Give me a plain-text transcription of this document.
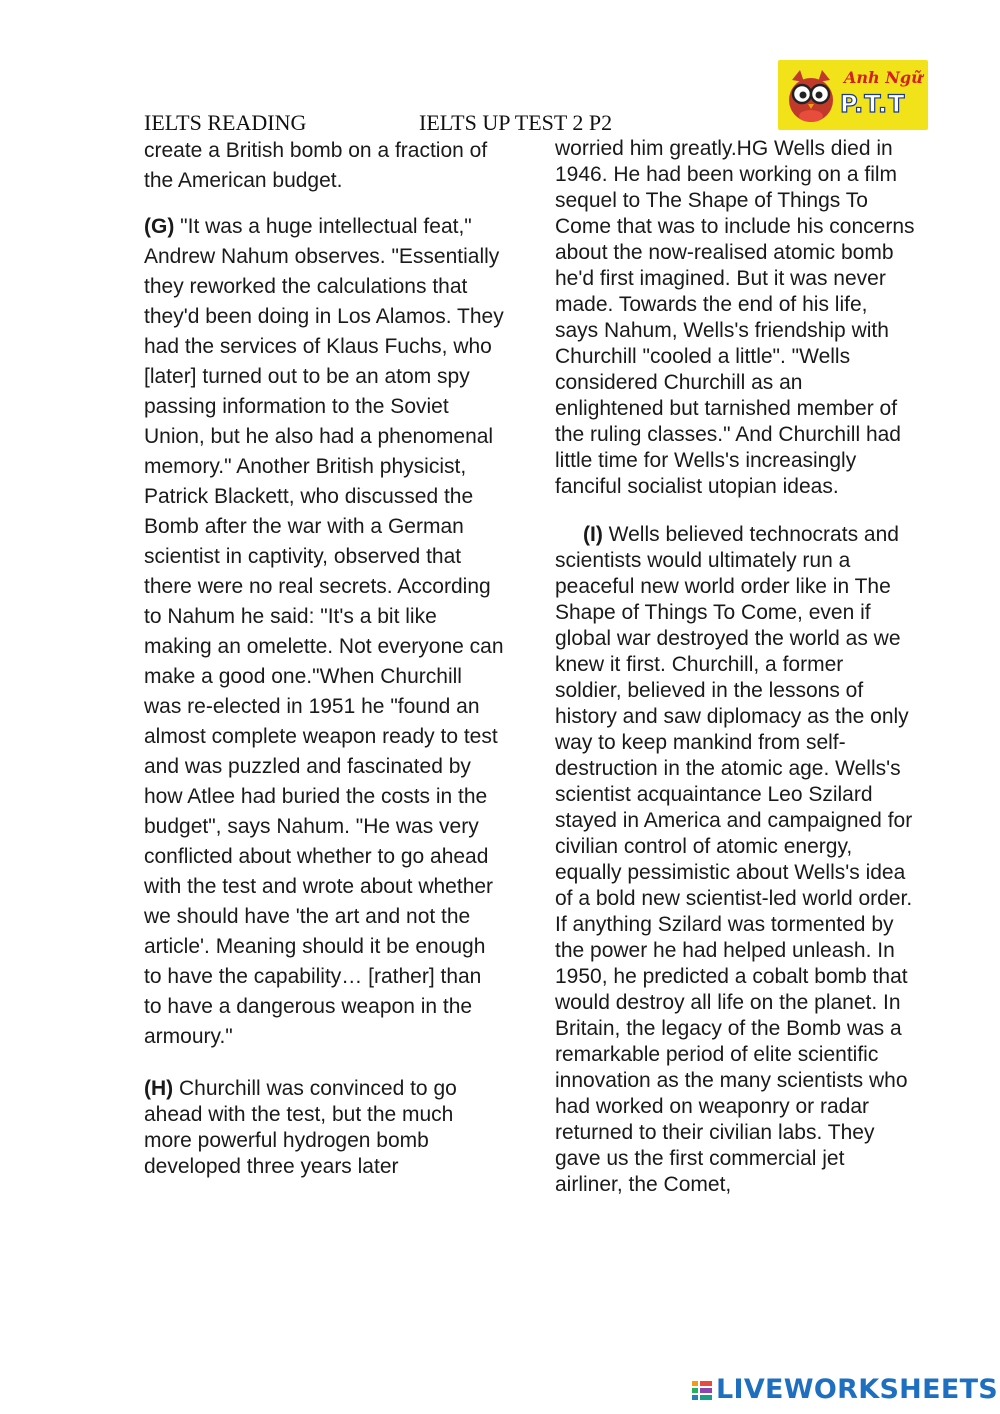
IELTS READING	IELTS UP TEST 2 P2
Anh Ngữ
P.T.T

create a British bomb on a fraction of the American budget.

(G) "It was a huge intellectual feat," Andrew Nahum observes. "Essentially they reworked the calculations that they'd been doing in Los Alamos. They had the services of Klaus Fuchs, who [later] turned out to be an atom spy passing information to the Soviet Union, but he also had a phenomenal memory." Another British physicist, Patrick Blackett, who discussed the Bomb after the war with a German scientist in captivity, observed that there were no real secrets. According to Nahum he said: "It's a bit like making an omelette. Not everyone can make a good one."When Churchill was re-elected in 1951 he "found an almost complete weapon ready to test and was puzzled and fascinated by how Atlee had buried the costs in the budget", says Nahum. "He was very conflicted about whether to go ahead with the test and wrote about whether we should have 'the art and not the article'. Meaning should it be enough to have the capability… [rather] than to have a dangerous weapon in the armoury."

(H) Churchill was convinced to go ahead with the test, but the much more powerful hydrogen bomb developed three years later

worried him greatly.HG Wells died in 1946. He had been working on a film sequel to The Shape of Things To Come that was to include his concerns about the now-realised atomic bomb he'd first imagined. But it was never made. Towards the end of his life, says Nahum, Wells's friendship with Churchill "cooled a little". "Wells considered Churchill as an enlightened but tarnished member of the ruling classes." And Churchill had little time for Wells's increasingly fanciful socialist utopian ideas.

(I) Wells believed technocrats and scientists would ultimately run a peaceful new world order like in The Shape of Things To Come, even if global war destroyed the world as we knew it first. Churchill, a former soldier, believed in the lessons of history and saw diplomacy as the only way to keep mankind from self-destruction in the atomic age. Wells's scientist acquaintance Leo Szilard stayed in America and campaigned for civilian control of atomic energy, equally pessimistic about Wells's idea of a bold new scientist-led world order. If anything Szilard was tormented by the power he had helped unleash. In 1950, he predicted a cobalt bomb that would destroy all life on the planet. In Britain, the legacy of the Bomb was a remarkable period of elite scientific innovation as the many scientists who had worked on weaponry or radar returned to their civilian labs. They gave us the first commercial jet airliner, the Comet,

LIVEWORKSHEETS
